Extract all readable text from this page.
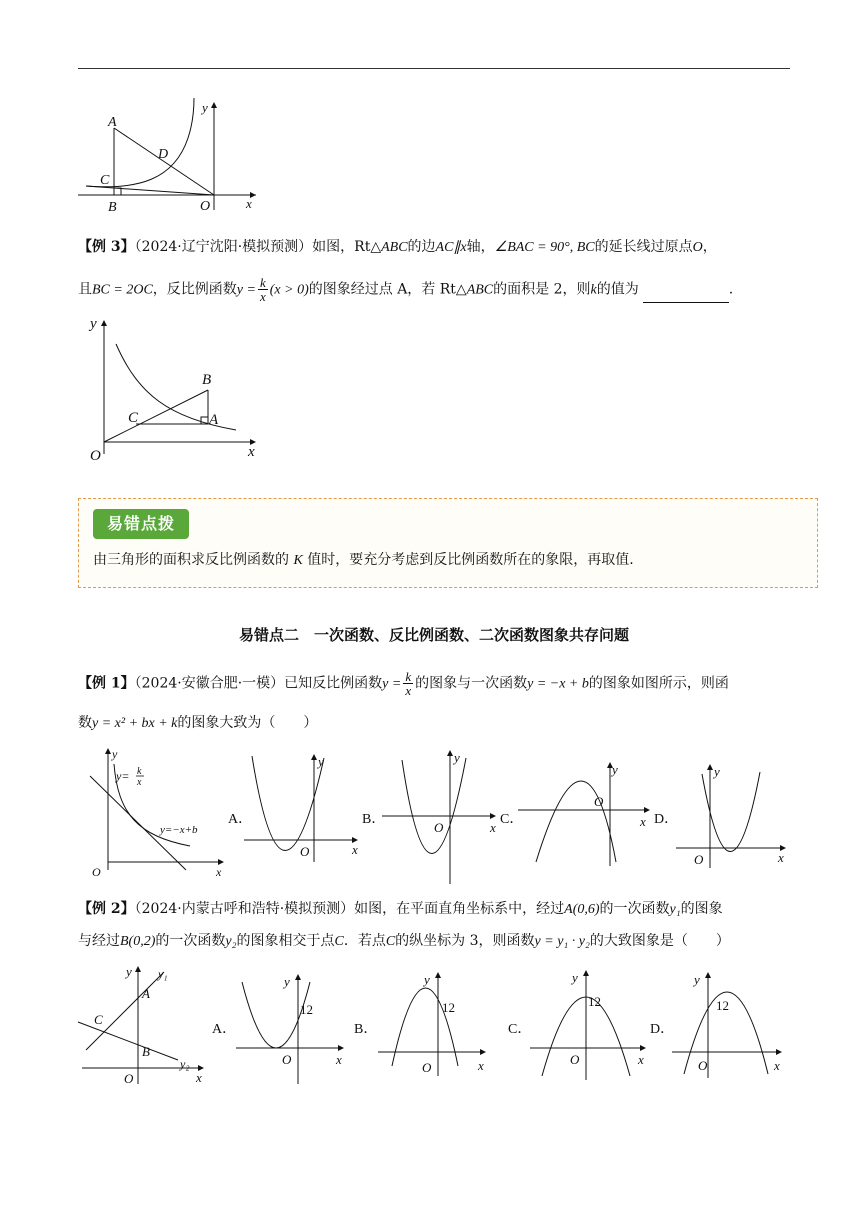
A
D
C
B	O	x
y
【例 3】（2024·辽宁沈阳·模拟预测）如图，Rt△ABC的边AC∥x轴，∠BAC = 90°, BC的延长线过原点O，
且BC = 2OC，反比例函数$y = \frac{k}{x} (x > 0)$的图象经过点 A，若 Rt△ABC的面积是 2，则k的值为	.
B
C	A
O	x
y
易错点拨
由三角形的面积求反比例函数的 K 值时，要充分考虑到反比例函数所在的象限，再取值.
易错点二　一次函数、反比例函数、二次函数图象共存问题
【例 1】（2024·安徽合肥·一模）已知反比例函数$y = \frac{k}{x}$ 的图象与一次函数y = −x + b的图象如图所示，则函
数y = x² + bx + k的图象大致为（　　）
y= k
x
y=−x+b
O	x
y
A．
O	x
y
B．
O	x
y
C．
O
x
y
D．
O	x
y
【例 2】（2024·内蒙古呼和浩特·模拟预测）如图，在平面直角坐标系中，经过A(0,6)的一次函数y₁的图象
与经过B(0,2)的一次函数y₂的图象相交于点C．若点C的纵坐标为 3，则函数y = y₁ · y₂的大致图象是（　　）
y₁
A
C
B
y₂
O	x
y
A．
12
O	x
y
B．
12
O	x
y
C．
12
O	x
y
D．
12
O	x
y
